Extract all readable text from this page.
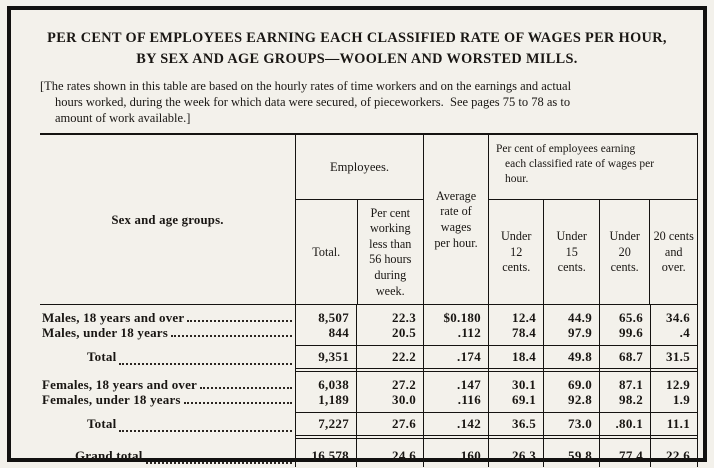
PER CENT OF EMPLOYEES EARNING EACH CLASSIFIED RATE OF WAGES PER HOUR,
BY SEX AND AGE GROUPS—WOOLEN AND WORSTED MILLS.
[The rates shown in this table are based on the hourly rates of time workers and on the earnings and actual
hours worked, during the week for which data were secured, of pieceworkers.  See pages 75 to 78 as to
amount of work available.]
Sex and age groups.
Employees.
Total.
Per cent
working
less than
56 hours
during
week.
Average
rate of
wages
per hour.
Per cent of employees earning
each classified rate of wages per
hour.
Under
12
cents.
Under
15
cents.
Under
20
cents.
20 cents
and
over.
Males, 18 years and over	8,507	22.3	$0.180	12.4	44.9	65.6	34.6
Males, under 18 years	844	20.5	.112	78.4	97.9	99.6	.4
Total	9,351	22.2	.174	18.4	49.8	68.7	31.5
Females, 18 years and over	6,038	27.2	.147	30.1	69.0	87.1	12.9
Females, under 18 years	1,189	30.0	.116	69.1	92.8	98.2	1.9
Total	7,227	27.6	.142	36.5	73.0	.80.1	11.1
Grand total	16,578	24.6	.160	26.3	59.8	77.4	22.6
